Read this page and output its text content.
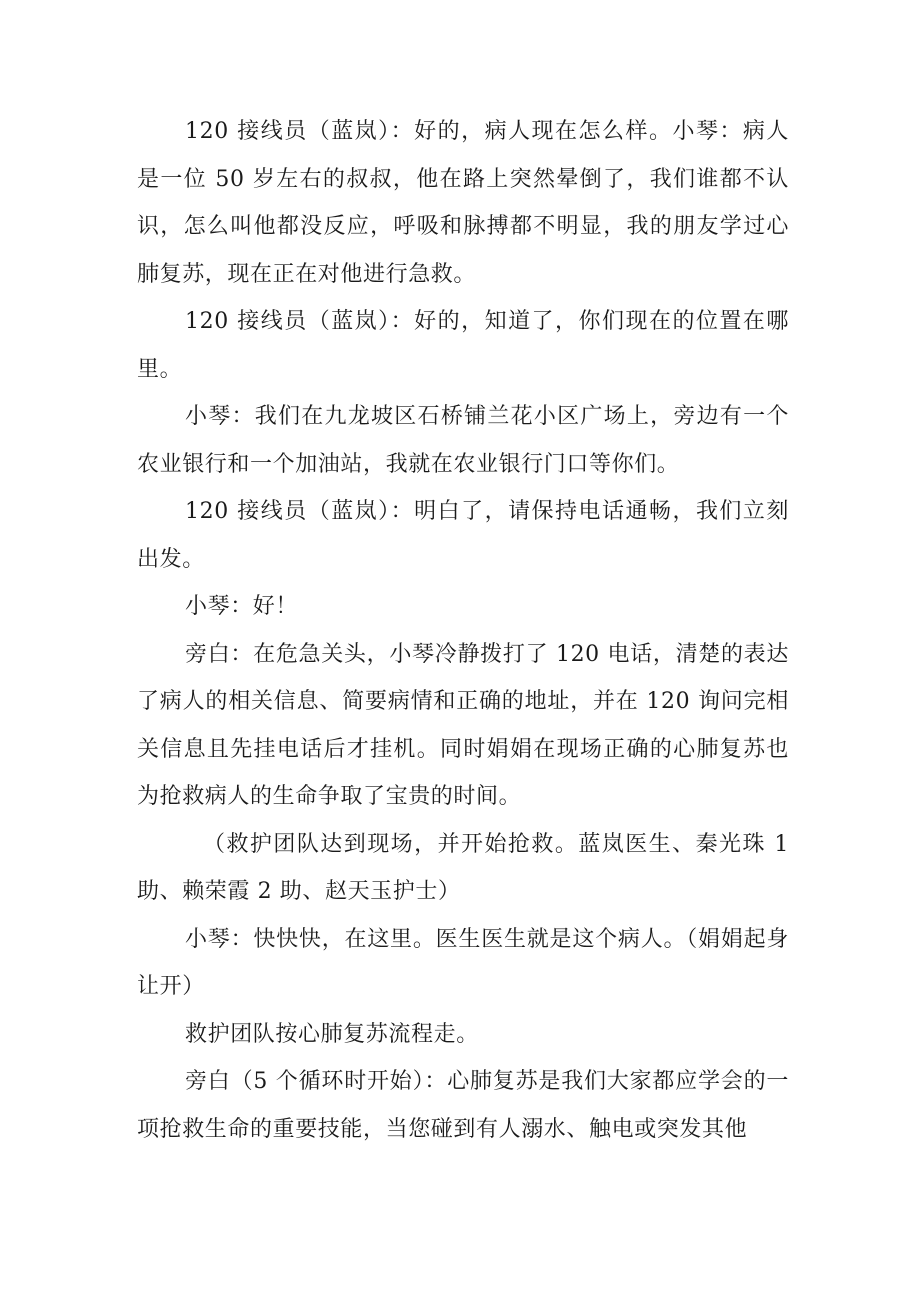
120 接线员（蓝岚）：好的，病人现在怎么样。小琴：病人是一位 50 岁左右的叔叔，他在路上突然晕倒了，我们谁都不认识，怎么叫他都没反应，呼吸和脉搏都不明显，我的朋友学过心肺复苏，现在正在对他进行急救。

120 接线员（蓝岚）：好的，知道了，你们现在的位置在哪里。

小琴：我们在九龙坡区石桥铺兰花小区广场上，旁边有一个农业银行和一个加油站，我就在农业银行门口等你们。

120 接线员（蓝岚）：明白了，请保持电话通畅，我们立刻出发。

小琴：好！

旁白：在危急关头，小琴冷静拨打了 120 电话，清楚的表达了病人的相关信息、简要病情和正确的地址，并在 120 询问完相关信息且先挂电话后才挂机。同时娟娟在现场正确的心肺复苏也为抢救病人的生命争取了宝贵的时间。

（救护团队达到现场，并开始抢救。蓝岚医生、秦光珠 1 助、赖荣霞 2 助、赵天玉护士）

小琴：快快快，在这里。医生医生就是这个病人。（娟娟起身让开）

救护团队按心肺复苏流程走。

旁白（5 个循环时开始）：心肺复苏是我们大家都应学会的一项抢救生命的重要技能，当您碰到有人溺水、触电或突发其他
